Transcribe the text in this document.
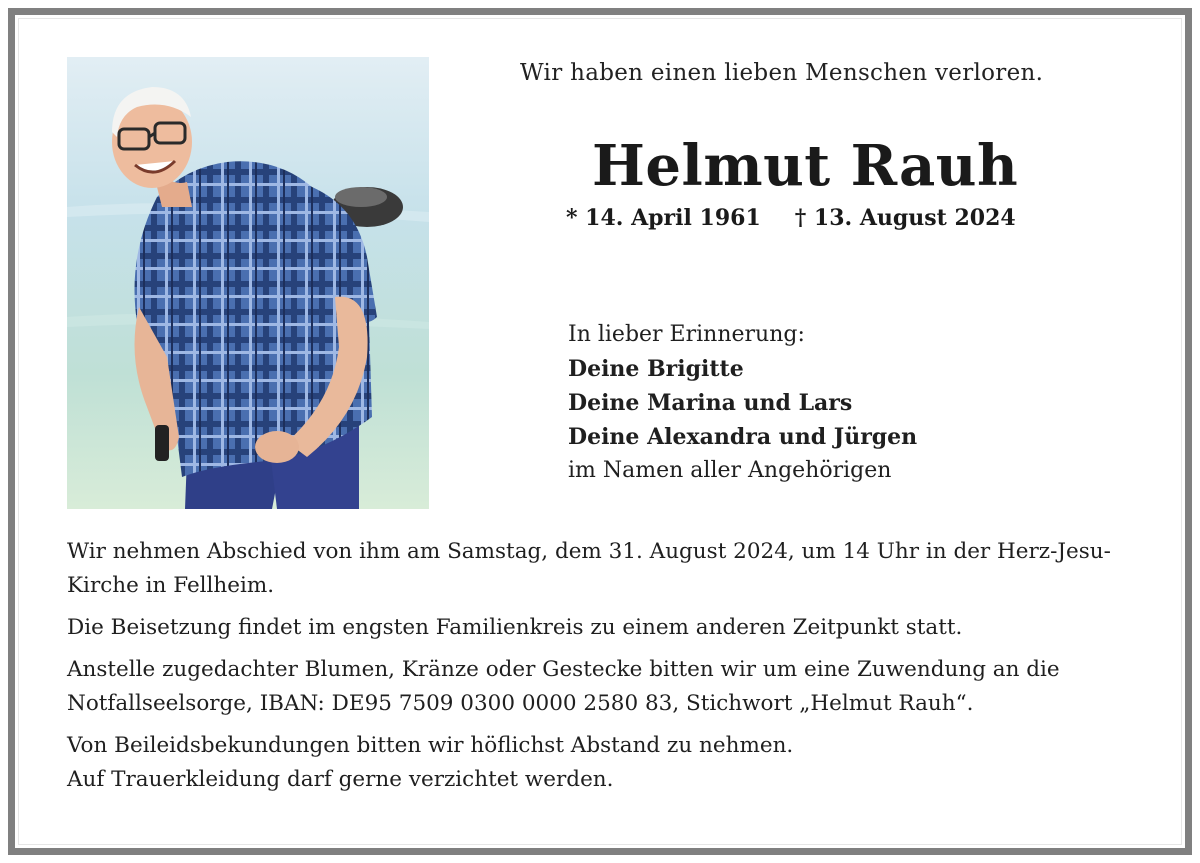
Wir haben einen lieben Menschen verloren.
Helmut Rauh
* 14. April 1961 † 13. August 2024
In lieber Erinnerung:
Deine Brigitte
Deine Marina und Lars
Deine Alexandra und Jürgen
im Namen aller Angehörigen

Wir nehmen Abschied von ihm am Samstag, dem 31. August 2024, um 14 Uhr in der Herz-Jesu-Kirche in Fellheim.

Die Beisetzung findet im engsten Familienkreis zu einem anderen Zeitpunkt statt.

Anstelle zugedachter Blumen, Kränze oder Gestecke bitten wir um eine Zuwendung an die Notfallseelsorge, IBAN: DE95 7509 0300 0000 2580 83, Stichwort „Helmut Rauh“.

Von Beileidsbekundungen bitten wir höflichst Abstand zu nehmen.
Auf Trauerkleidung darf gerne verzichtet werden.
